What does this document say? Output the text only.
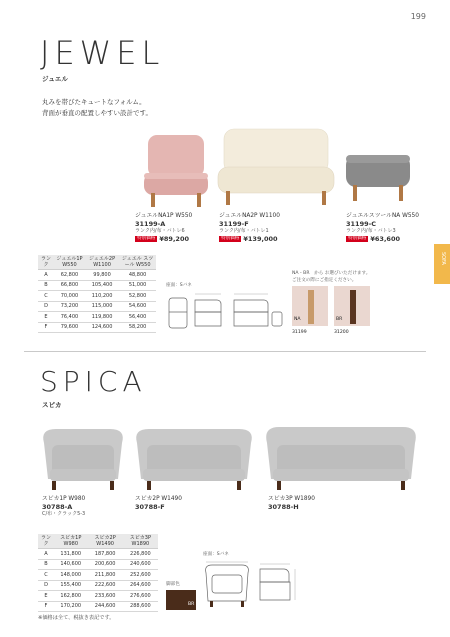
199
SOFA
JEWEL
ジュエル
丸みを帯びたキュートなフォルム。
背面が垂直の配置しやすい設計です。
ジュエルNA1P W550
31199-A
ランク内/布・バトレ6
特別価格 ¥89,200
ジュエルNA2P W1100
31199-F
ランク内/布・バトレ1
特別価格 ¥139,000
ジュエルスツールNA W550
31199-C
ランク内/布・バトレ3
特別価格 ¥63,600
ランク	ジュエル1P W550	ジュエル2P W1100	ジュエル スツール W550
A	62,800	99,800	48,800
B	66,800	105,400	51,000
C	70,000	110,200	52,800
D	73,200	115,000	54,600
E	76,400	119,800	56,400
F	79,600	124,600	58,200
座面：Sバネ
NA・BR　から お選びいただけます。
ご注文の際にご指定ください。
NA	BR
31199	31200
SPICA
スピカ
スピカ1P W980
30788-A
C/布・クラック5-3
スピカ2P W1490
30788-F
スピカ3P W1890
30788-H
ランク	スピカ1P W980	スピカ2P W1490	スピカ3P W1890
A	131,800	187,800	226,800
B	140,600	200,600	240,600
C	148,000	211,800	252,600
D	155,400	222,600	264,600
E	162,800	233,600	276,600
F	170,200	244,600	288,600
座面：Sバネ
脚部色
BR
※価格は全て、税抜き表記です。
